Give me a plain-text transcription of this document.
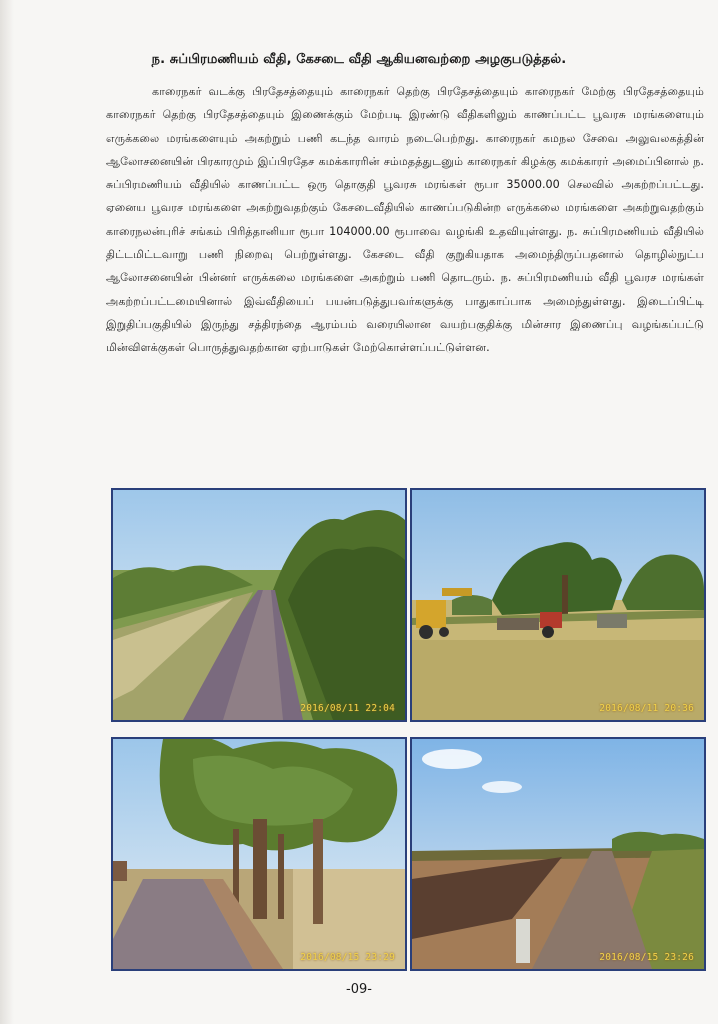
ந. சுப்பிரமணியம் வீதி, கேசடை வீதி ஆகியனவற்றை அழகுபடுத்தல்.

காரைநகர் வடக்கு பிரதேசத்தையும் காரைநகர் தெற்கு பிரதேசத்தையும் காரைநகர் மேற்கு பிரதேசத்தையும் காரைநகர் தெற்கு பிரதேசத்தையும் இணைக்கும் மேற்படி இரண்டு வீதிகளிலும் காணப்பட்ட பூவரசு மரங்களையும் எருக்கலை மரங்களையும் அகற்றும் பணி கடந்த வாரம் நடைபெற்றது. காரைநகர் கமநல சேவை அலுவலகத்தின் ஆலோசனையின் பிரகாரமும் இப்பிரதேச கமக்காரரின் சம்மதத்துடனும் காரைநகர் கிழக்கு கமக்காரர் அமைப்பினால் ந. சுப்பிரமணியம் வீதியில் காணப்பட்ட ஒரு தொகுதி பூவரசு மரங்கள் ரூபா 35000.00 செலவில் அகற்றப்பட்டது. ஏனைய பூவரச மரங்களை அகற்றுவதற்கும் கேசடைவீதியில் காணப்படுகின்ற எருக்கலை மரங்களை அகற்றுவதற்கும் காரைநலன்புரிச் சங்கம் பிரித்தானியா ரூபா 104000.00 ரூபாவை வழங்கி உதவியுள்ளது. ந. சுப்பிரமணியம் வீதியில் திட்டமிட்டவாறு பணி நிறைவு பெற்றுள்ளது. கேசடை வீதி குறுகியதாக அமைந்திருப்பதனால் தொழில்நுட்ப ஆலோசனையின் பின்னர் எருக்கலை மரங்களை அகற்றும் பணி தொடரும். ந. சுப்பிரமணியம் வீதி பூவரச மரங்கள் அகற்றப்பட்டமையினால் இவ்வீதியைப் பயன்படுத்துபவர்களுக்கு பாதுகாப்பாக அமைந்துள்ளது. இடைப்பிட்டி இறுதிப்பகுதியில் இருந்து சத்திரந்தை ஆரம்பம் வரையிலான வயற்பகுதிக்கு மின்சார இணைப்பு வழங்கப்பட்டு மின்விளக்குகள் பொருத்துவதற்கான ஏற்பாடுகள் மேற்கொள்ளப்பட்டுள்ளன.

2016/08/11 22:04	2016/08/11 20:36
2016/08/15 23:29	2016/08/15 23:26
-09-
